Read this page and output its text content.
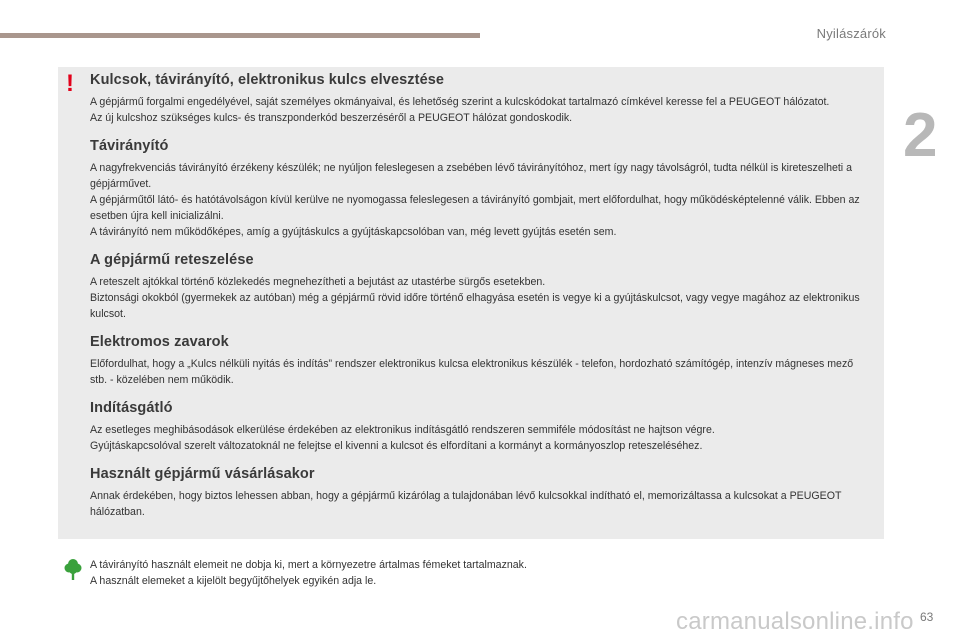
Nyilászárók
2
!	Kulcsok, távirányító, elektronikus kulcs elvesztése

A gépjármű forgalmi engedélyével, saját személyes okmányaival, és lehetőség szerint a kulcskódokat tartalmazó címkével keresse fel a PEUGEOT hálózatot.

Az új kulcshoz szükséges kulcs- és transzponderkód beszerzéséről a PEUGEOT hálózat gondoskodik.

Távirányító

A nagyfrekvenciás távirányító érzékeny készülék; ne nyúljon feleslegesen a zsebében lévő távirányítóhoz, mert így nagy távolságról, tudta nélkül is kireteszelheti a gépjárművet.

A gépjárműtől látó- és hatótávolságon kívül kerülve ne nyomogassa feleslegesen a távirányító gombjait, mert előfordulhat, hogy működésképtelenné válik. Ebben az esetben újra kell inicializálni.

A távirányító nem működőképes, amíg a gyújtáskulcs a gyújtáskapcsolóban van, még levett gyújtás esetén sem.

A gépjármű reteszelése

A reteszelt ajtókkal történő közlekedés megnehezítheti a bejutást az utastérbe sürgős esetekben.

Biztonsági okokból (gyermekek az autóban) még a gépjármű rövid időre történő elhagyása esetén is vegye ki a gyújtáskulcsot, vagy vegye magához az elektronikus kulcsot.

Elektromos zavarok

Előfordulhat, hogy a „Kulcs nélküli nyitás és indítás” rendszer elektronikus kulcsa elektronikus készülék - telefon, hordozható számítógép, intenzív mágneses mező stb. - közelében nem működik.

Indításgátló

Az esetleges meghibásodások elkerülése érdekében az elektronikus indításgátló rendszeren semmiféle módosítást ne hajtson végre.

Gyújtáskapcsolóval szerelt változatoknál ne felejtse el kivenni a kulcsot és elfordítani a kormányt a kormányoszlop reteszeléséhez.

Használt gépjármű vásárlásakor

Annak érdekében, hogy biztos lehessen abban, hogy a gépjármű kizárólag a tulajdonában lévő kulcsokkal indítható el, memorizáltassa a kulcsokat a PEUGEOT hálózatban.

A távirányító használt elemeit ne dobja ki, mert a környezetre ártalmas fémeket tartalmaznak.
A használt elemeket a kijelölt begyűjtőhelyek egyikén adja le.
carmanualsonline.info 63
